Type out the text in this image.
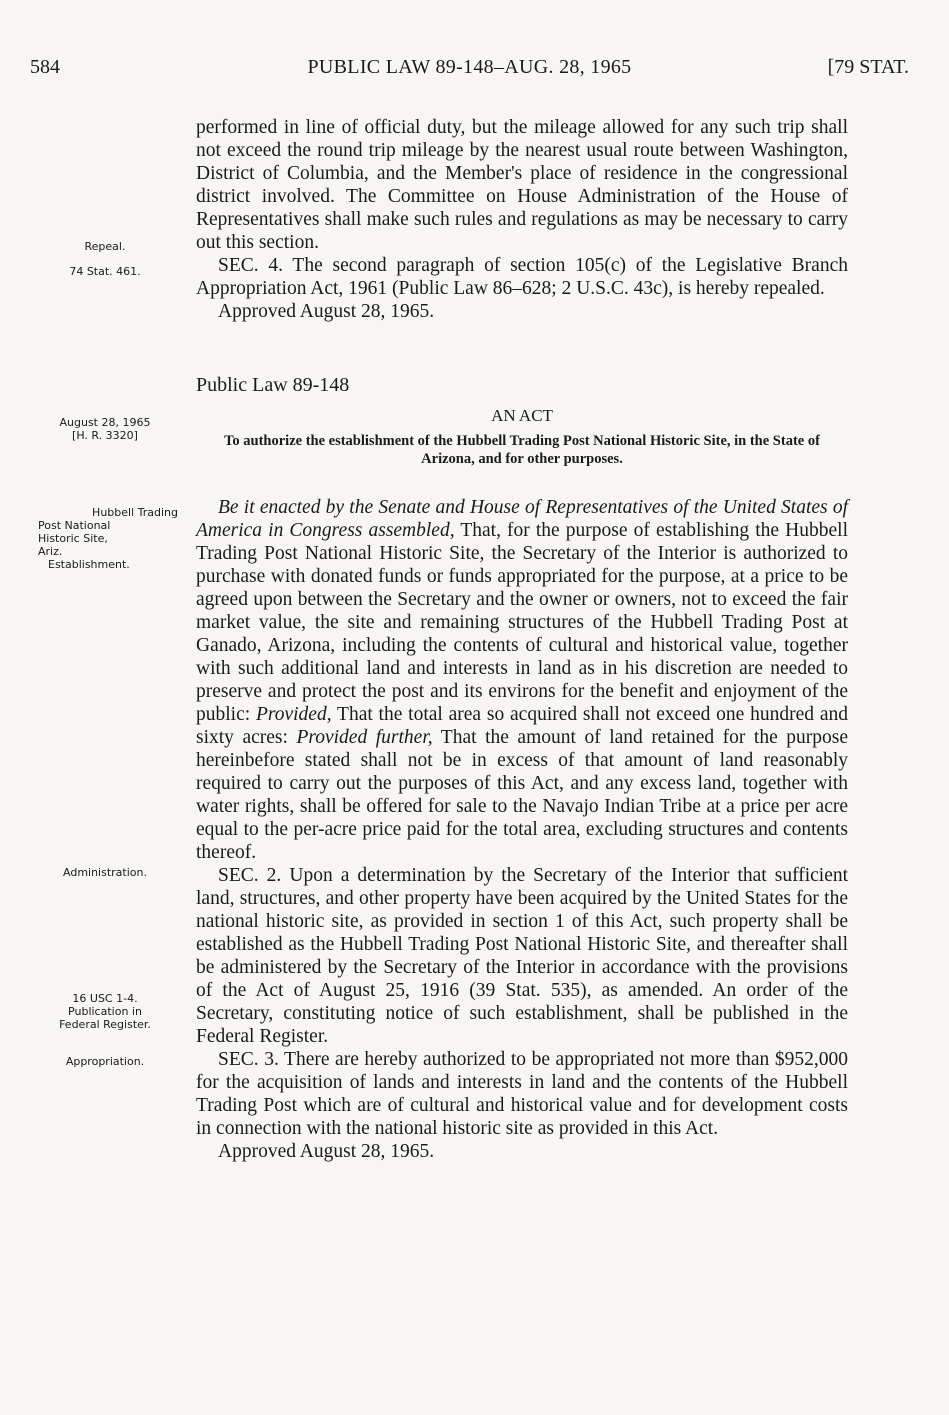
584	PUBLIC LAW 89-148–AUG. 28, 1965	[79 STAT.
Repeal.
74 Stat. 461.
August 28, 1965
[H. R. 3320]
Hubbell Trading
Post National
Historic Site,
Ariz.
Establishment.
Administration.
16 USC 1-4.
Publication in
Federal Register.
Appropriation.

performed in line of official duty, but the mileage allowed for any such trip shall not exceed the round trip mileage by the nearest usual route between Washington, District of Columbia, and the Member's place of residence in the congressional district involved. The Committee on House Administration of the House of Representatives shall make such rules and regulations as may be necessary to carry out this section.

SEC. 4. The second paragraph of section 105(c) of the Legislative Branch Appropriation Act, 1961 (Public Law 86–628; 2 U.S.C. 43c), is hereby repealed.

Approved August 28, 1965.

Public Law 89-148
AN ACT
To authorize the establishment of the Hubbell Trading Post National Historic Site, in the State of Arizona, and for other purposes.

Be it enacted by the Senate and House of Representatives of the United States of America in Congress assembled, That, for the purpose of establishing the Hubbell Trading Post National Historic Site, the Secretary of the Interior is authorized to purchase with donated funds or funds appropriated for the purpose, at a price to be agreed upon between the Secretary and the owner or owners, not to exceed the fair market value, the site and remaining structures of the Hubbell Trading Post at Ganado, Arizona, including the contents of cultural and historical value, together with such additional land and interests in land as in his discretion are needed to preserve and protect the post and its environs for the benefit and enjoyment of the public: Provided, That the total area so acquired shall not exceed one hundred and sixty acres: Provided further, That the amount of land retained for the purpose hereinbefore stated shall not be in excess of that amount of land reasonably required to carry out the purposes of this Act, and any excess land, together with water rights, shall be offered for sale to the Navajo Indian Tribe at a price per acre equal to the per-acre price paid for the total area, excluding structures and contents thereof.

SEC. 2. Upon a determination by the Secretary of the Interior that sufficient land, structures, and other property have been acquired by the United States for the national historic site, as provided in section 1 of this Act, such property shall be established as the Hubbell Trading Post National Historic Site, and thereafter shall be administered by the Secretary of the Interior in accordance with the provisions of the Act of August 25, 1916 (39 Stat. 535), as amended. An order of the Secretary, constituting notice of such establishment, shall be published in the Federal Register.

SEC. 3. There are hereby authorized to be appropriated not more than $952,000 for the acquisition of lands and interests in land and the contents of the Hubbell Trading Post which are of cultural and historical value and for development costs in connection with the national historic site as provided in this Act.

Approved August 28, 1965.
